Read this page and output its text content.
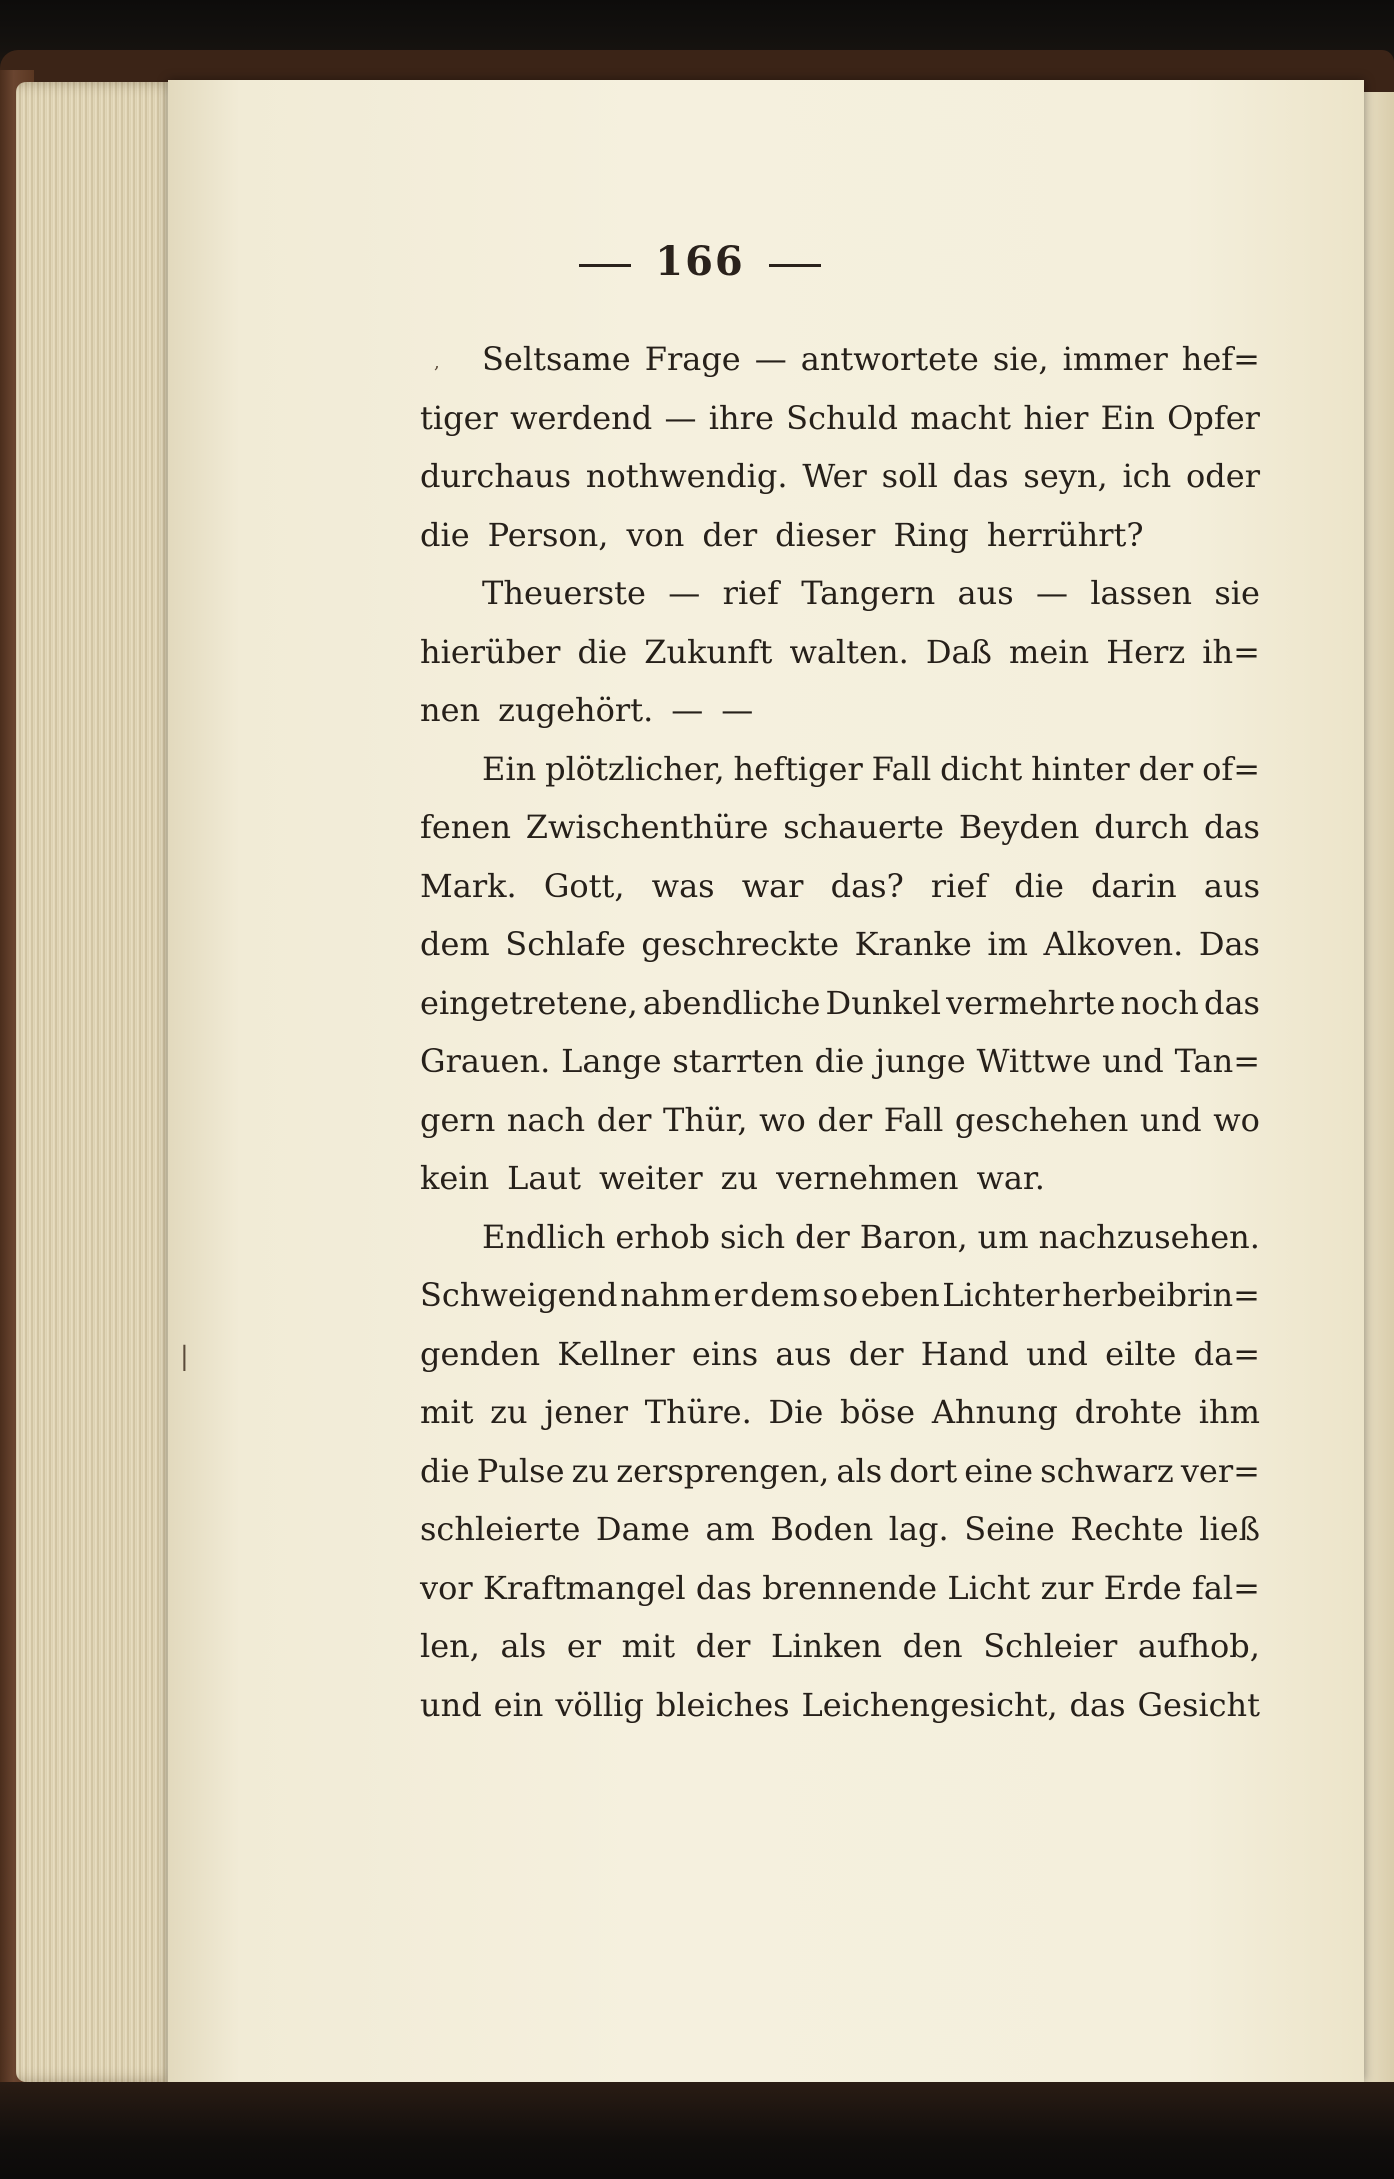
166
,
|
Seltsame Frage — antwortete sie, immer hef=
tiger werdend — ihre Schuld macht hier Ein Opfer
durchaus nothwendig. Wer soll das seyn, ich oder
die Person, von der dieser Ring herrührt?
Theuerste — rief Tangern aus — lassen sie
hierüber die Zukunft walten. Daß mein Herz ih=
nen zugehört. — —
Ein plötzlicher, heftiger Fall dicht hinter der of=
fenen Zwischenthüre schauerte Beyden durch das
Mark. Gott, was war das? rief die darin aus
dem Schlafe geschreckte Kranke im Alkoven. Das
eingetretene, abendliche Dunkel vermehrte noch das
Grauen. Lange starrten die junge Wittwe und Tan=
gern nach der Thür, wo der Fall geschehen und wo
kein Laut weiter zu vernehmen war.
Endlich erhob sich der Baron, um nachzusehen.
Schweigend nahm er dem so eben Lichter herbeibrin=
genden Kellner eins aus der Hand und eilte da=
mit zu jener Thüre. Die böse Ahnung drohte ihm
die Pulse zu zersprengen, als dort eine schwarz ver=
schleierte Dame am Boden lag. Seine Rechte ließ
vor Kraftmangel das brennende Licht zur Erde fal=
len, als er mit der Linken den Schleier aufhob,
und ein völlig bleiches Leichengesicht, das Gesicht
